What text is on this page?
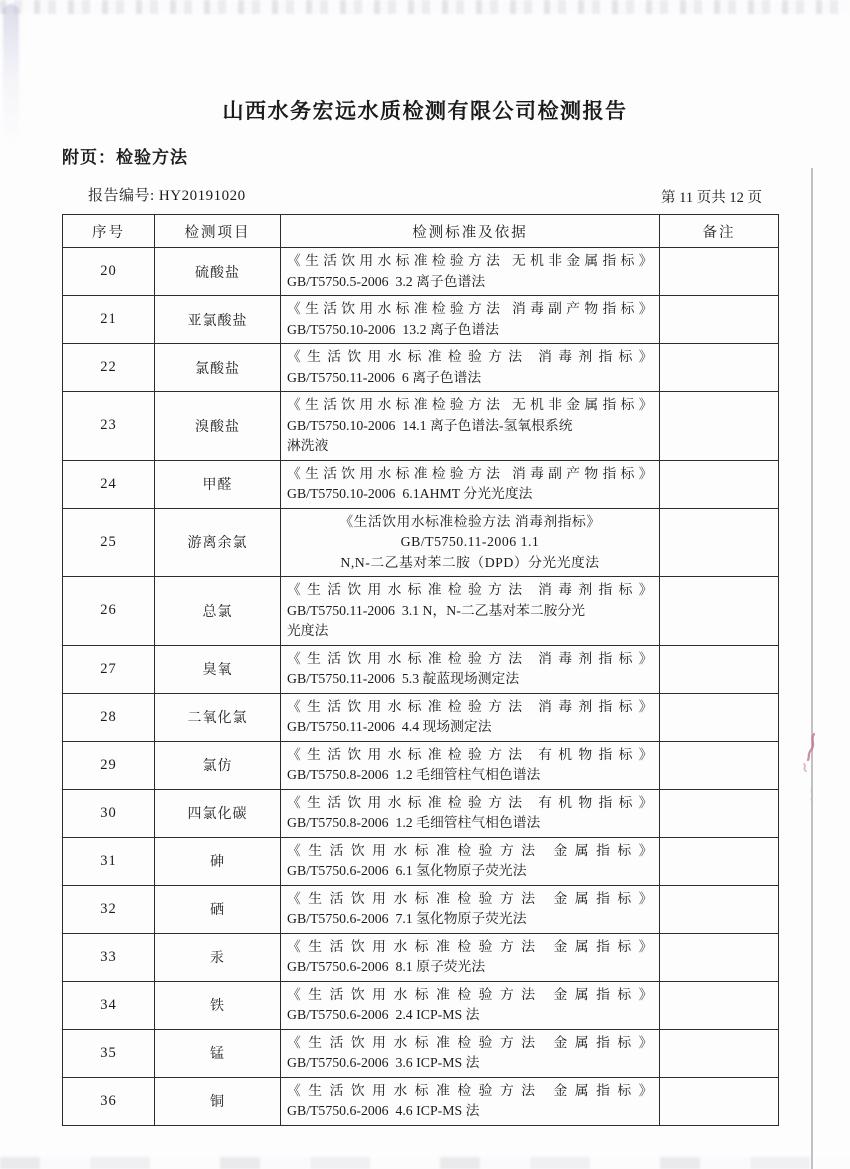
山西水务宏远水质检测有限公司检测报告
附页：检验方法
报告编号: HY20191020	第 11 页共 12 页
序号	检测项目	检测标准及依据	备注
20	硫酸盐	《生活饮用水标准检验方法 无机非金属指标》
GB/T5750.5-2006  3.2 离子色谱法	

21	亚氯酸盐	《生活饮用水标准检验方法 消毒副产物指标》
GB/T5750.10-2006  13.2 离子色谱法	

22	氯酸盐	《生活饮用水标准检验方法 消毒剂指标》
GB/T5750.11-2006  6 离子色谱法	

23	溴酸盐	《生活饮用水标准检验方法 无机非金属指标》
GB/T5750.10-2006  14.1 离子色谱法-氢氧根系统
淋洗液	

24	甲醛	《生活饮用水标准检验方法 消毒副产物指标》
GB/T5750.10-2006  6.1AHMT 分光光度法	

25	游离余氯	《生活饮用水标准检验方法 消毒剂指标》
GB/T5750.11-2006 1.1
N,N-二乙基对苯二胺（DPD）分光光度法	

26	总氯	《生活饮用水标准检验方法 消毒剂指标》
GB/T5750.11-2006  3.1 N，N-二乙基对苯二胺分光
光度法	

27	臭氧	《生活饮用水标准检验方法 消毒剂指标》
GB/T5750.11-2006  5.3 靛蓝现场测定法	

28	二氧化氯	《生活饮用水标准检验方法 消毒剂指标》
GB/T5750.11-2006  4.4 现场测定法	

29	氯仿	《生活饮用水标准检验方法 有机物指标》
GB/T5750.8-2006  1.2 毛细管柱气相色谱法	

30	四氯化碳	《生活饮用水标准检验方法 有机物指标》
GB/T5750.8-2006  1.2 毛细管柱气相色谱法	

31	砷	《生活饮用水标准检验方法 金属指标》
GB/T5750.6-2006  6.1 氢化物原子荧光法	

32	硒	《生活饮用水标准检验方法 金属指标》
GB/T5750.6-2006  7.1 氢化物原子荧光法	

33	汞	《生活饮用水标准检验方法 金属指标》
GB/T5750.6-2006  8.1 原子荧光法	

34	铁	《生活饮用水标准检验方法 金属指标》
GB/T5750.6-2006  2.4 ICP-MS 法	

35	锰	《生活饮用水标准检验方法 金属指标》
GB/T5750.6-2006  3.6 ICP-MS 法	

36	铜	《生活饮用水标准检验方法 金属指标》
GB/T5750.6-2006  4.6 ICP-MS 法	
